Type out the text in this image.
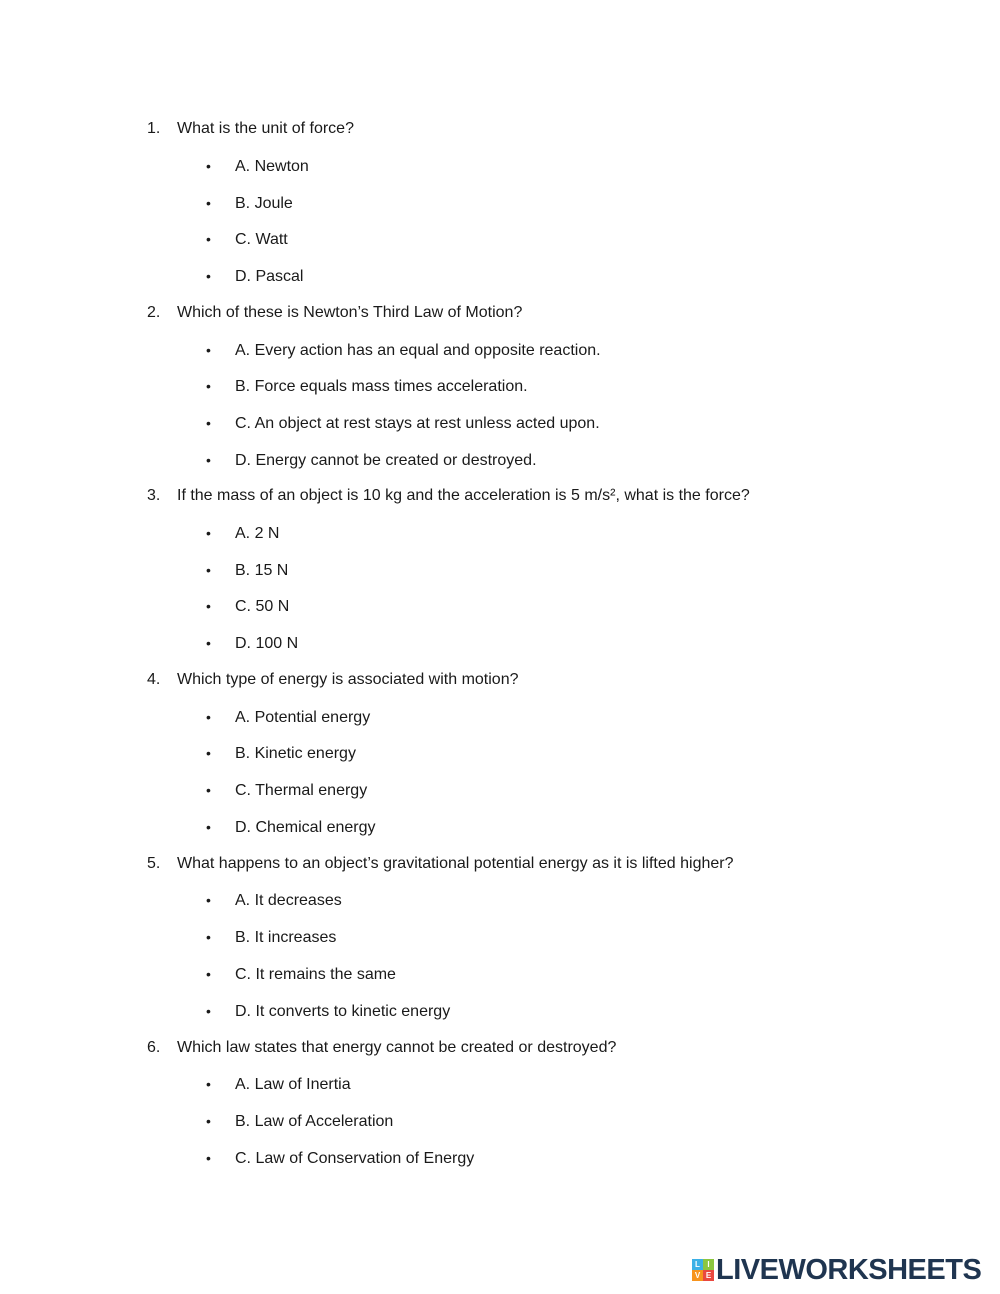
1. What is the unit of force?
• A. Newton
• B. Joule
• C. Watt
• D. Pascal
2. Which of these is Newton’s Third Law of Motion?
• A. Every action has an equal and opposite reaction.
• B. Force equals mass times acceleration.
• C. An object at rest stays at rest unless acted upon.
• D. Energy cannot be created or destroyed.
3. If the mass of an object is 10 kg and the acceleration is 5 m/s², what is the force?
• A. 2 N
• B. 15 N
• C. 50 N
• D. 100 N
4. Which type of energy is associated with motion?
• A. Potential energy
• B. Kinetic energy
• C. Thermal energy
• D. Chemical energy
5. What happens to an object’s gravitational potential energy as it is lifted higher?
• A. It decreases
• B. It increases
• C. It remains the same
• D. It converts to kinetic energy
6. Which law states that energy cannot be created or destroyed?
• A. Law of Inertia
• B. Law of Acceleration
• C. Law of Conservation of Energy
L I
V E LIVEWORKSHEETS
